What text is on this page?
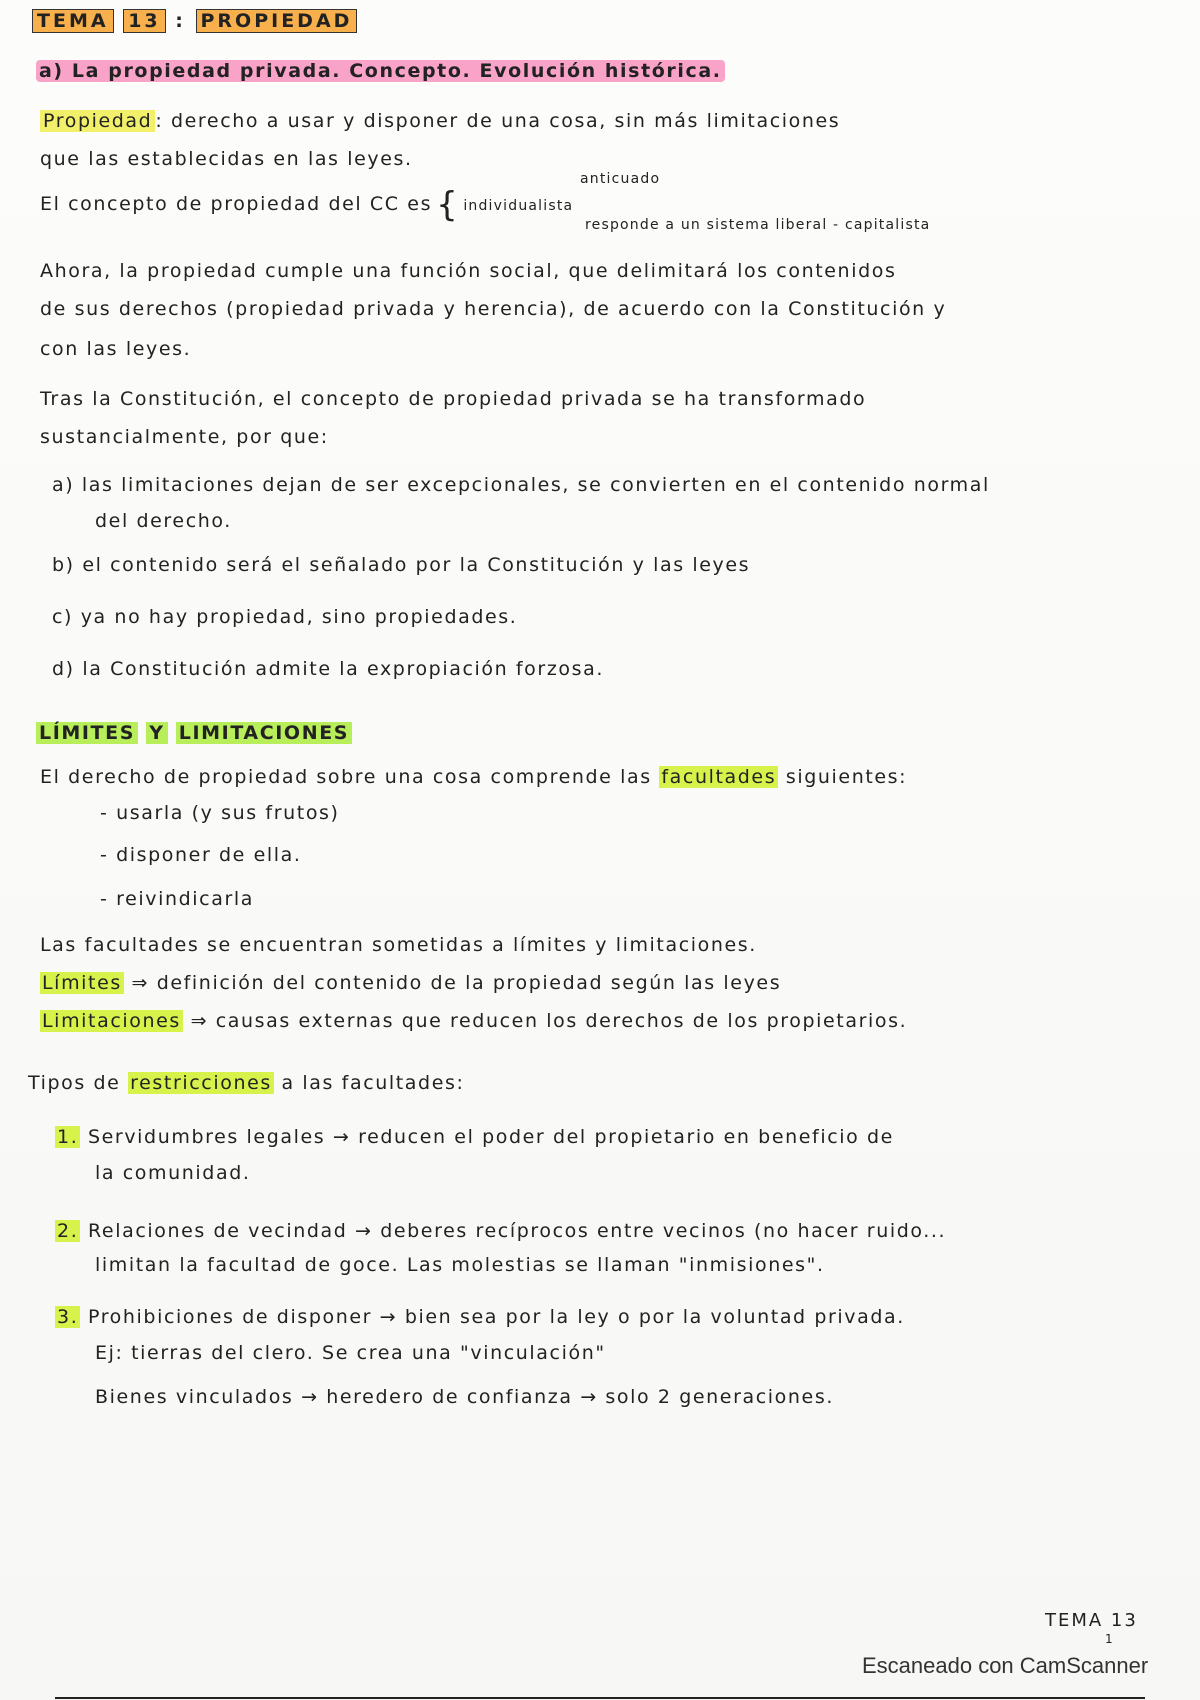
TEMA 13 : PROPIEDAD
a) La propiedad privada. Concepto. Evolución histórica.
Propiedad : derecho a usar y disponer de una cosa, sin más limitaciones
que las establecidas en las leyes.
anticuado
El concepto de propiedad del CC es { individualista
responde a un sistema liberal - capitalista
Ahora, la propiedad cumple una función social, que delimitará los contenidos
de sus derechos (propiedad privada y herencia), de acuerdo con la Constitución y
con las leyes.
Tras la Constitución, el concepto de propiedad privada se ha transformado
sustancialmente, por que:
a) las limitaciones dejan de ser excepcionales, se convierten en el contenido normal
del derecho.
b) el contenido será el señalado por la Constitución y las leyes
c) ya no hay propiedad, sino propiedades.
d) la Constitución admite la expropiación forzosa.
LÍMITES Y LIMITACIONES
El derecho de propiedad sobre una cosa comprende las facultades siguientes:
- usarla (y sus frutos)
- disponer de ella.
- reivindicarla
Las facultades se encuentran sometidas a límites y limitaciones.
Límites ⇒ definición del contenido de la propiedad según las leyes
Limitaciones ⇒ causas externas que reducen los derechos de los propietarios.
Tipos de restricciones a las facultades:
1. Servidumbres legales → reducen el poder del propietario en beneficio de
la comunidad.
2. Relaciones de vecindad → deberes recíprocos entre vecinos (no hacer ruido...
limitan la facultad de goce. Las molestias se llaman "inmisiones".
3. Prohibiciones de disponer → bien sea por la ley o por la voluntad privada.
Ej: tierras del clero. Se crea una "vinculación"
Bienes vinculados → heredero de confianza → solo 2 generaciones.
TEMA 13
1
Escaneado con CamScanner
